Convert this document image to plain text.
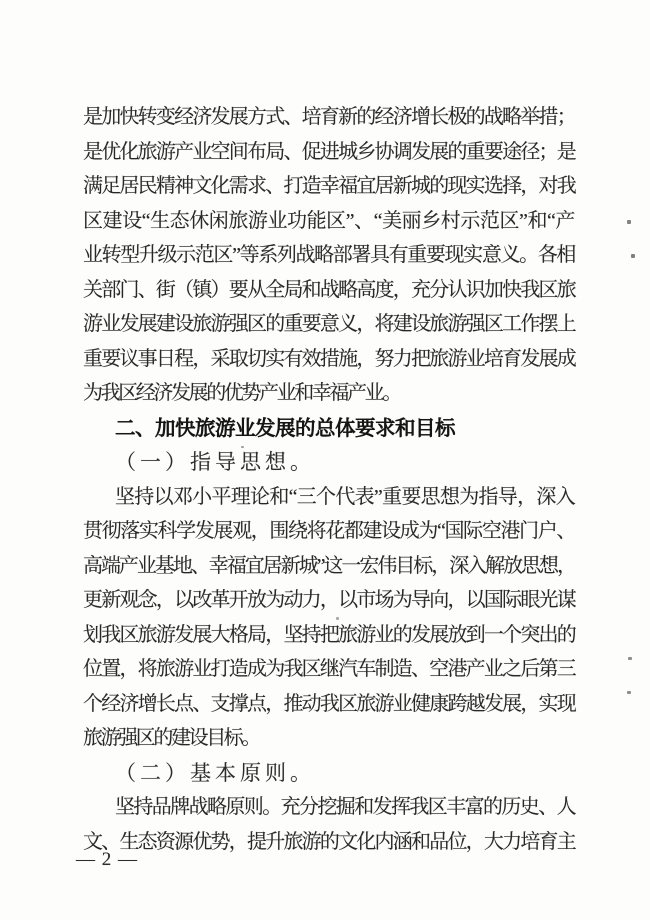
是加快转变经济发展方式、培育新的经济增长极的战略举措；
是优化旅游产业空间布局、促进城乡协调发展的重要途径；是
满足居民精神文化需求、打造幸福宜居新城的现实选择，对我
区建设“生态休闲旅游业功能区”、“美丽乡村示范区”和“产
业转型升级示范区”等系列战略部署具有重要现实意义。各相
关部门、街（镇）要从全局和战略高度，充分认识加快我区旅
游业发展建设旅游强区的重要意义，将建设旅游强区工作摆上
重要议事日程，采取切实有效措施，努力把旅游业培育发展成
为我区经济发展的优势产业和幸福产业。
二、加快旅游业发展的总体要求和目标
（一）指导思想。
坚持以邓小平理论和“三个代表”重要思想为指导，深入
贯彻落实科学发展观，围绕将花都建设成为“国际空港门户、
高端产业基地、幸福宜居新城”这一宏伟目标，深入解放思想，
更新观念，以改革开放为动力，以市场为导向，以国际眼光谋
划我区旅游发展大格局，坚持把旅游业的发展放到一个突出的
位置，将旅游业打造成为我区继汽车制造、空港产业之后第三
个经济增长点、支撑点，推动我区旅游业健康跨越发展，实现
旅游强区的建设目标。
（二）基本原则。
坚持品牌战略原则。充分挖掘和发挥我区丰富的历史、人
文、生态资源优势，提升旅游的文化内涵和品位，大力培育主
— 2 —
